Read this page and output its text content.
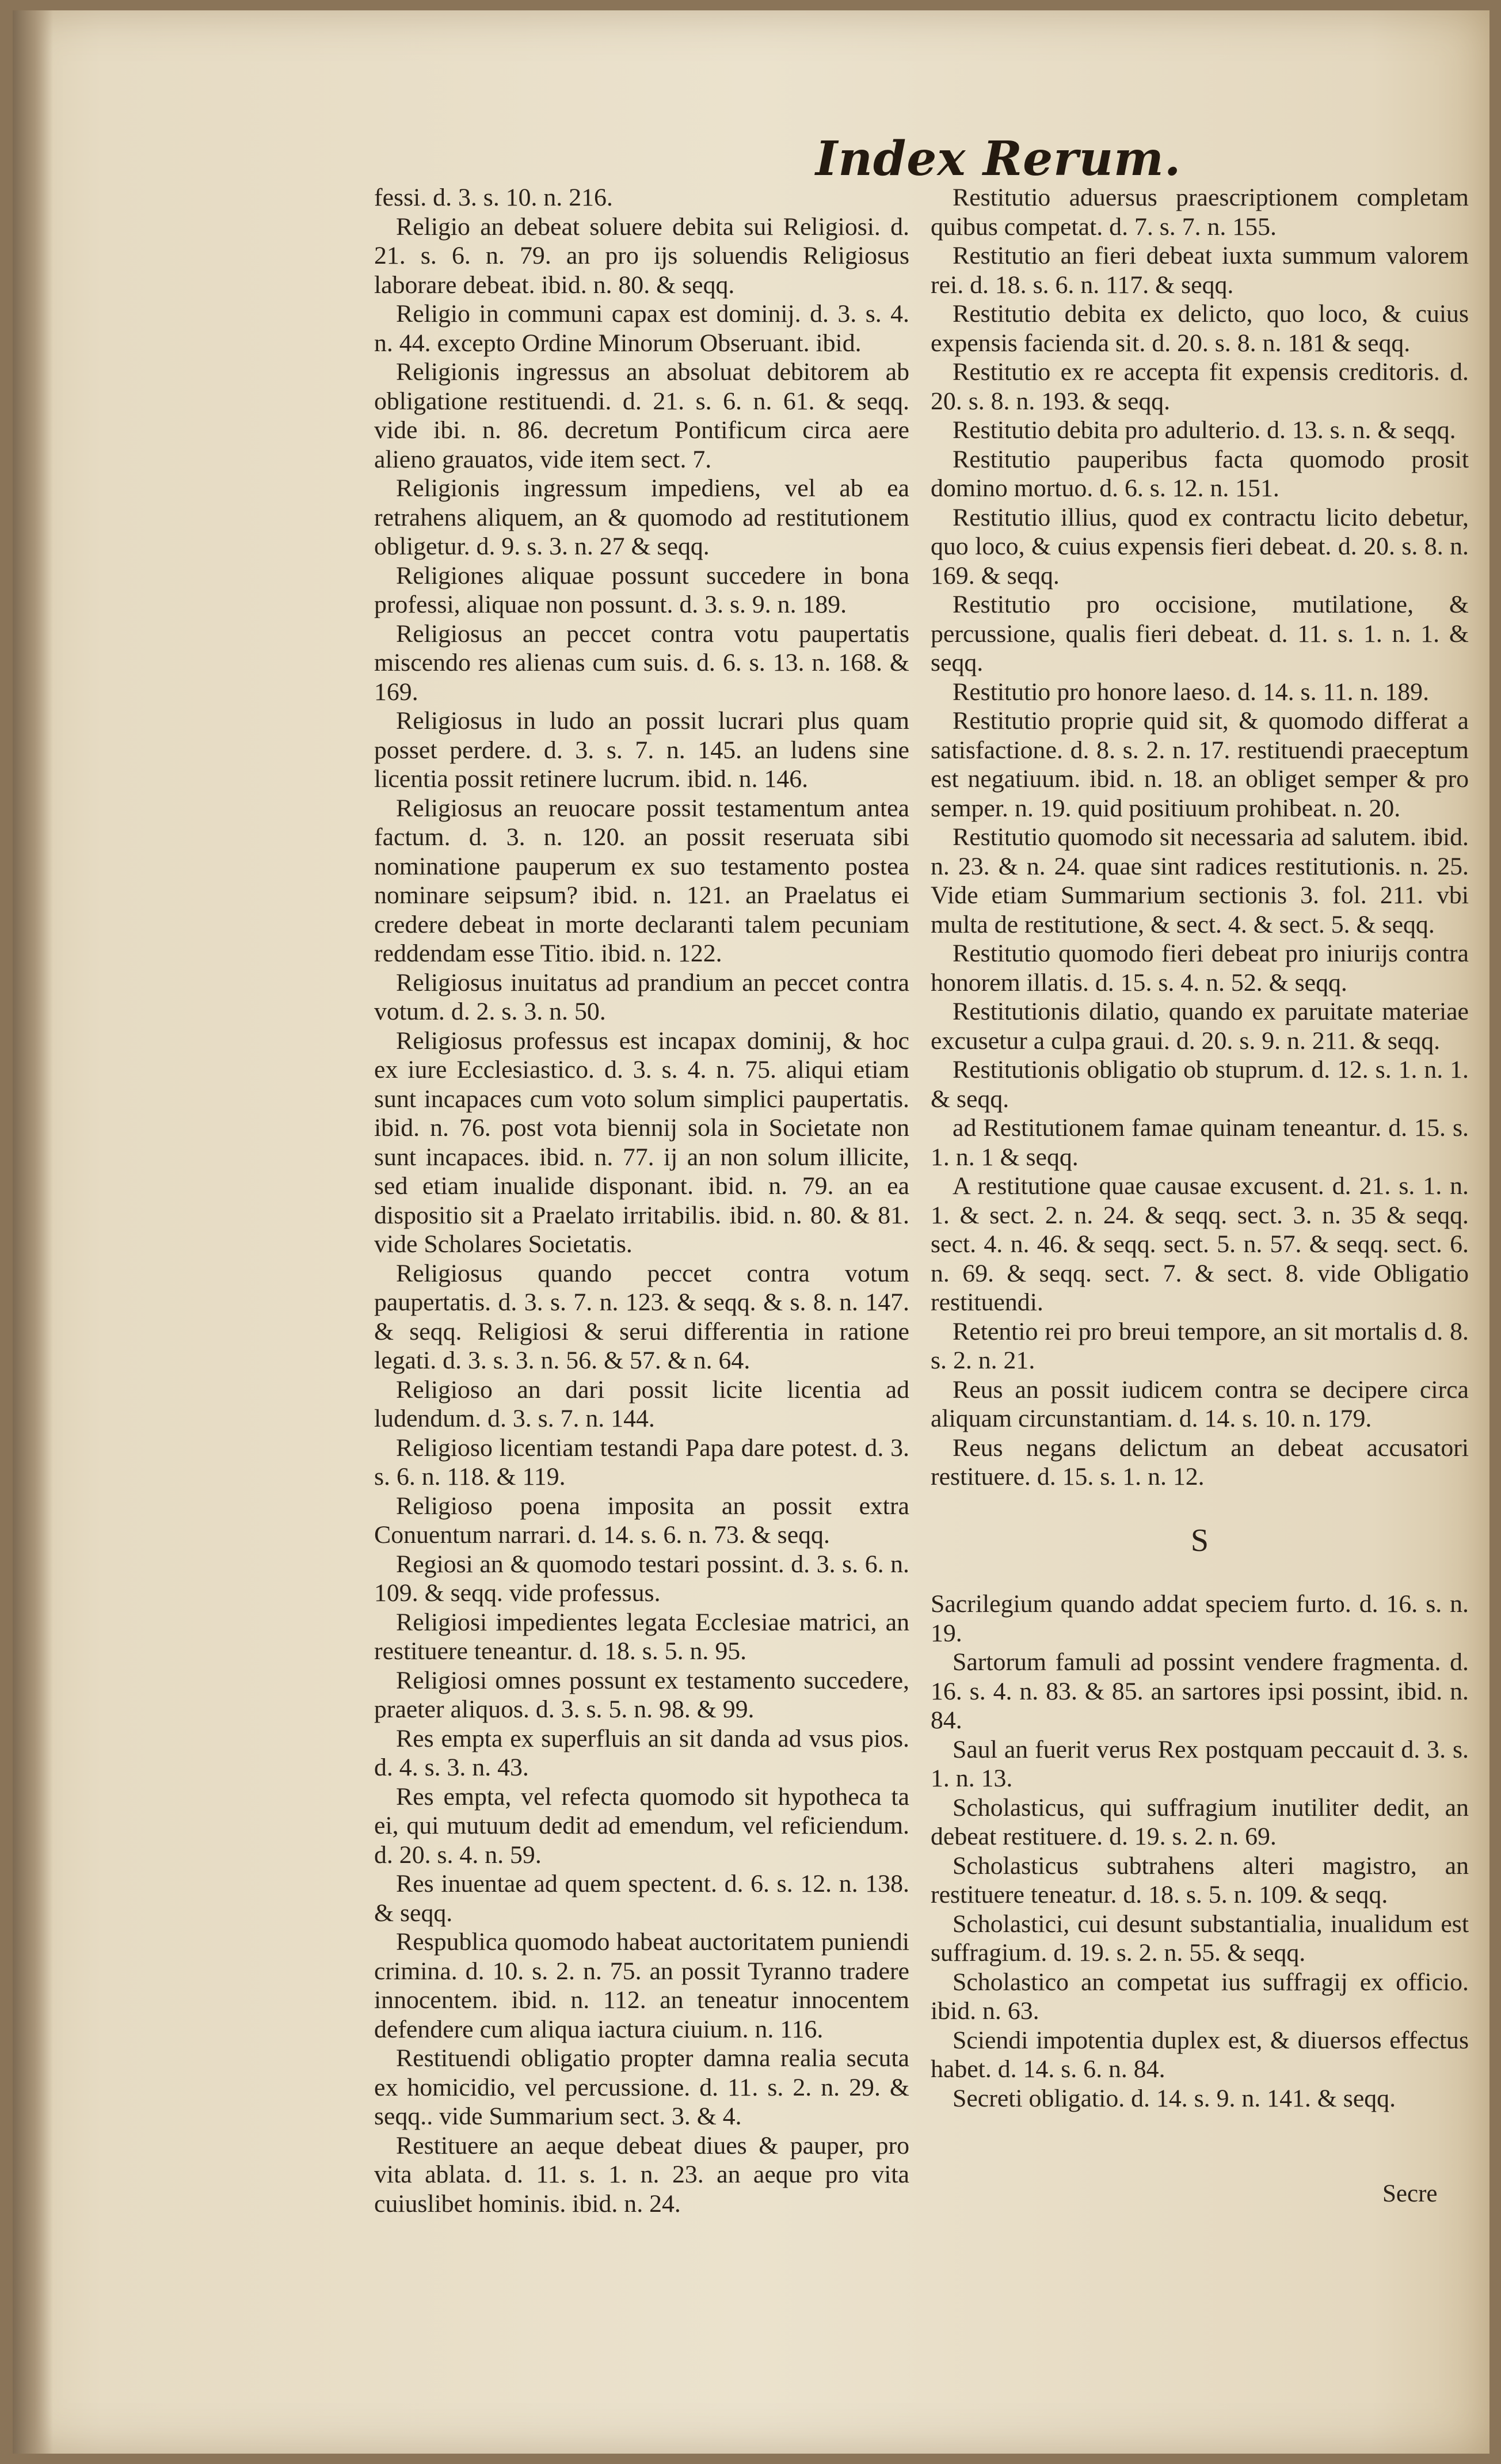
Index Rerum.

fessi. d. 3. s. 10. n. 216.

Religio an debeat soluere debita sui Religiosi. d. 21. s. 6. n. 79. an pro ijs soluendis Religiosus laborare debeat. ibid. n. 80. & seqq.

Religio in communi capax est dominij. d. 3. s. 4. n. 44. excepto Ordine Minorum Obseruant. ibid.

Religionis ingressus an absoluat debitorem ab obligatione restituendi. d. 21. s. 6. n. 61. & seqq. vide ibi. n. 86. decretum Pontificum circa aere alieno grauatos, vide item sect. 7.

Religionis ingressum impediens, vel ab ea retrahens aliquem, an & quomodo ad restitutionem obligetur. d. 9. s. 3. n. 27 & seqq.

Religiones aliquae possunt succedere in bona professi, aliquae non possunt. d. 3. s. 9. n. 189.

Religiosus an peccet contra votu paupertatis miscendo res alienas cum suis. d. 6. s. 13. n. 168. & 169.

Religiosus in ludo an possit lucrari plus quam posset perdere. d. 3. s. 7. n. 145. an ludens sine licentia possit retinere lucrum. ibid. n. 146.

Religiosus an reuocare possit testamentum antea factum. d. 3. n. 120. an possit reseruata sibi nominatione pauperum ex suo testamento postea nominare seipsum? ibid. n. 121. an Praelatus ei credere debeat in morte declaranti talem pecuniam reddendam esse Titio. ibid. n. 122.

Religiosus inuitatus ad prandium an peccet contra votum. d. 2. s. 3. n. 50.

Religiosus professus est incapax dominij, & hoc ex iure Ecclesiastico. d. 3. s. 4. n. 75. aliqui etiam sunt incapaces cum voto solum simplici paupertatis. ibid. n. 76. post vota biennij sola in Societate non sunt incapaces. ibid. n. 77. ij an non solum illicite, sed etiam inualide disponant. ibid. n. 79. an ea dispositio sit a Praelato irritabilis. ibid. n. 80. & 81. vide Scholares Societatis.

Religiosus quando peccet contra votum paupertatis. d. 3. s. 7. n. 123. & seqq. & s. 8. n. 147. & seqq. Religiosi & serui differentia in ratione legati. d. 3. s. 3. n. 56. & 57. & n. 64.

Religioso an dari possit licite licentia ad ludendum. d. 3. s. 7. n. 144.

Religioso licentiam testandi Papa dare potest. d. 3. s. 6. n. 118. & 119.

Religioso poena imposita an possit extra Conuentum narrari. d. 14. s. 6. n. 73. & seqq.

Regiosi an & quomodo testari possint. d. 3. s. 6. n. 109. & seqq. vide professus.

Religiosi impedientes legata Ecclesiae matrici, an restituere teneantur. d. 18. s. 5. n. 95.

Religiosi omnes possunt ex testamento succedere, praeter aliquos. d. 3. s. 5. n. 98. & 99.

Res empta ex superfluis an sit danda ad vsus pios. d. 4. s. 3. n. 43.

Res empta, vel refecta quomodo sit hypotheca ta ei, qui mutuum dedit ad emendum, vel reficiendum. d. 20. s. 4. n. 59.

Res inuentae ad quem spectent. d. 6. s. 12. n. 138. & seqq.

Respublica quomodo habeat auctoritatem puniendi crimina. d. 10. s. 2. n. 75. an possit Tyranno tradere innocentem. ibid. n. 112. an teneatur innocentem defendere cum aliqua iactura ciuium. n. 116.

Restituendi obligatio propter damna realia secuta ex homicidio, vel percussione. d. 11. s. 2. n. 29. & seqq.. vide Summarium sect. 3. & 4.

Restituere an aeque debeat diues & pauper, pro vita ablata. d. 11. s. 1. n. 23. an aeque pro vita cuiuslibet hominis. ibid. n. 24.

Restitutio aduersus praescriptionem completam quibus competat. d. 7. s. 7. n. 155.

Restitutio an fieri debeat iuxta summum valorem rei. d. 18. s. 6. n. 117. & seqq.

Restitutio debita ex delicto, quo loco, & cuius expensis facienda sit. d. 20. s. 8. n. 181 & seqq.

Restitutio ex re accepta fit expensis creditoris. d. 20. s. 8. n. 193. & seqq.

Restitutio debita pro adulterio. d. 13. s. n. & seqq.

Restitutio pauperibus facta quomodo prosit domino mortuo. d. 6. s. 12. n. 151.

Restitutio illius, quod ex contractu licito debetur, quo loco, & cuius expensis fieri debeat. d. 20. s. 8. n. 169. & seqq.

Restitutio pro occisione, mutilatione, & percussione, qualis fieri debeat. d. 11. s. 1. n. 1. & seqq.

Restitutio pro honore laeso. d. 14. s. 11. n. 189.

Restitutio proprie quid sit, & quomodo differat a satisfactione. d. 8. s. 2. n. 17. restituendi praeceptum est negatiuum. ibid. n. 18. an obliget semper & pro semper. n. 19. quid positiuum prohibeat. n. 20.

Restitutio quomodo sit necessaria ad salutem. ibid. n. 23. & n. 24. quae sint radices restitutionis. n. 25. Vide etiam Summarium sectionis 3. fol. 211. vbi multa de restitutione, & sect. 4. & sect. 5. & seqq.

Restitutio quomodo fieri debeat pro iniurijs contra honorem illatis. d. 15. s. 4. n. 52. & seqq.

Restitutionis dilatio, quando ex paruitate materiae excusetur a culpa graui. d. 20. s. 9. n. 211. & seqq.

Restitutionis obligatio ob stuprum. d. 12. s. 1. n. 1. & seqq.

ad Restitutionem famae quinam teneantur. d. 15. s. 1. n. 1 & seqq.

A restitutione quae causae excusent. d. 21. s. 1. n. 1. & sect. 2. n. 24. & seqq. sect. 3. n. 35 & seqq. sect. 4. n. 46. & seqq. sect. 5. n. 57. & seqq. sect. 6. n. 69. & seqq. sect. 7. & sect. 8. vide Obligatio restituendi.

Retentio rei pro breui tempore, an sit mortalis d. 8. s. 2. n. 21.

Reus an possit iudicem contra se decipere circa aliquam circunstantiam. d. 14. s. 10. n. 179.

Reus negans delictum an debeat accusatori restituere. d. 15. s. 1. n. 12.

S

Sacrilegium quando addat speciem furto. d. 16. s. n. 19.

Sartorum famuli ad possint vendere fragmenta. d. 16. s. 4. n. 83. & 85. an sartores ipsi possint, ibid. n. 84.

Saul an fuerit verus Rex postquam peccauit d. 3. s. 1. n. 13.

Scholasticus, qui suffragium inutiliter dedit, an debeat restituere. d. 19. s. 2. n. 69.

Scholasticus subtrahens alteri magistro, an restituere teneatur. d. 18. s. 5. n. 109. & seqq.

Scholastici, cui desunt substantialia, inualidum est suffragium. d. 19. s. 2. n. 55. & seqq.

Scholastico an competat ius suffragij ex officio. ibid. n. 63.

Sciendi impotentia duplex est, & diuersos effectus habet. d. 14. s. 6. n. 84.

Secreti obligatio. d. 14. s. 9. n. 141. & seqq.

Secre
